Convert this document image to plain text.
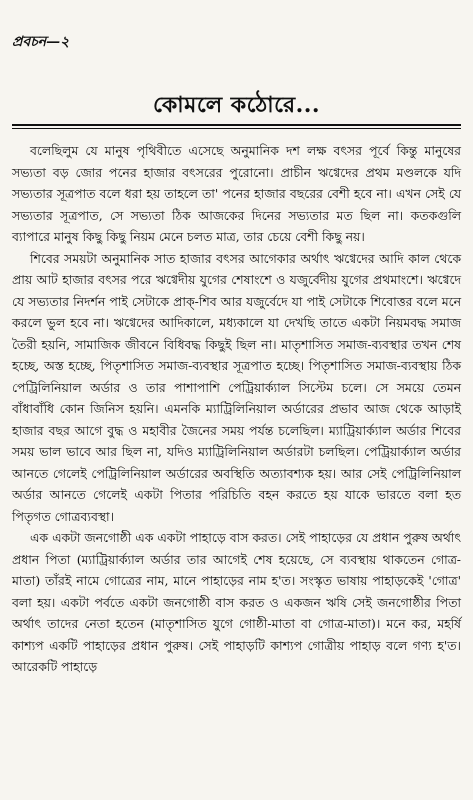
প্রবচন—২
কোমলে কঠোরে...

বলেছিলুম যে মানুষ পৃথিবীতে এসেছে অনুমানিক দশ লক্ষ বৎসর পূর্বে কিন্তু মানুষের সভ্যতা বড় জোর পনের হাজার বৎসরের পুরোনো। প্রাচীন ঋগ্বেদের প্রথম মণ্ডলকে যদি সভ্যতার সূত্রপাত বলে ধরা হয় তাহলে তা' পনের হাজার বছরের বেশী হবে না। এখন সেই যে সভ্যতার সূত্রপাত, সে সভ্যতা ঠিক আজকের দিনের সভ্যতার মত ছিল না। কতকগুলি ব্যাপারে মানুষ কিছু কিছু নিয়ম মেনে চলত মাত্র, তার চেয়ে বেশী কিছু নয়।

শিবের সময়টা অনুমানিক সাত হাজার বৎসর আগেকার অর্থাৎ ঋগ্বেদের আদি কাল থেকে প্রায় আট হাজার বৎসর পরে ঋগ্বেদীয় যুগের শেষাংশে ও যজুর্বেদীয় যুগের প্রথমাংশে। ঋগ্বেদে যে সভ্যতার নিদর্শন পাই সেটাকে প্রাক্‌-শিব আর যজুর্বেদে যা পাই সেটাকে শিবোত্তর বলে মনে করলে ভুল হবে না। ঋগ্বেদের আদিকালে, মধ্যকালে যা দেখছি তাতে একটা নিয়মবদ্ধ সমাজ তৈরী হয়নি, সামাজিক জীবনে বিধিবদ্ধ কিছুই ছিল না। মাতৃশাসিত সমাজ-ব্যবস্থার তখন শেষ হচ্ছে, অস্ত হচ্ছে, পিতৃশাসিত সমাজ-ব্যবস্থার সূত্রপাত হচ্ছে। পিতৃশাসিত সমাজ-ব্যবস্থায় ঠিক পেট্রিলিনিয়াল অর্ডার ও তার পাশাপাশি পেট্রিয়ার্ক্যাল সিস্টেম চলে। সে সময়ে তেমন বাঁধাবাঁধি কোন জিনিস হয়নি। এমনকি ম্যাট্রিলিনিয়াল অর্ডারের প্রভাব আজ থেকে আড়াই হাজার বছর আগে বুদ্ধ ও মহাবীর জৈনের সময় পর্যন্ত চলেছিল। ম্যাট্রিয়ার্ক্যাল অর্ডার শিবের সময় ভাল ভাবে আর ছিল না, যদিও ম্যাট্রিলিনিয়াল অর্ডারটা চলছিল। পেট্রিয়ার্ক্যাল অর্ডার আনতে গেলেই পেট্রিলিনিয়াল অর্ডারের অবস্থিতি অত্যাবশ্যক হয়। আর সেই পেট্রিলিনিয়াল অর্ডার আনতে গেলেই একটা পিতার পরিচিতি বহন করতে হয় যাকে ভারতে বলা হত পিতৃগত গোত্রব্যবস্থা।

এক একটা জনগোষ্ঠী এক একটা পাহাড়ে বাস করত। সেই পাহাড়ের যে প্রধান পুরুষ অর্থাৎ প্রধান পিতা (ম্যাট্রিয়ার্ক্যাল অর্ডার তার আগেই শেষ হয়েছে, সে ব্যবস্থায় থাকতেন গোত্র-মাতা) তাঁরই নামে গোত্রের নাম, মানে পাহাড়ের নাম হ'ত। সংস্কৃত ভাষায় পাহাড়কেই 'গোত্র' বলা হয়। একটা পর্বতে একটা জনগোষ্ঠী বাস করত ও একজন ঋষি সেই জনগোষ্ঠীর পিতা অর্থাৎ তাদের নেতা হতেন (মাতৃশাসিত যুগে গোষ্ঠী-মাতা বা গোত্র-মাতা)। মনে কর, মহর্ষি কাশ্যপ একটি পাহাড়ের প্রধান পুরুষ। সেই পাহাড়টি কাশ্যপ গোত্রীয় পাহাড় বলে গণ্য হ'ত। আরেকটি পাহাড়ে
